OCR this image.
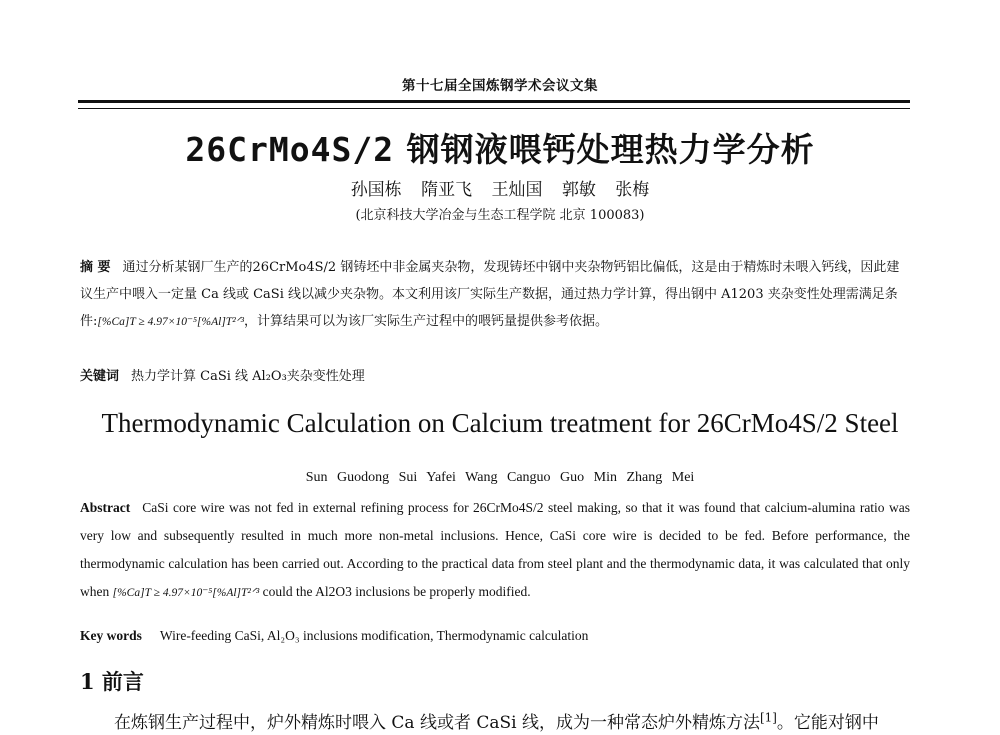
第十七届全国炼钢学术会议文集
26CrMo4S/2 钢钢液喂钙处理热力学分析
孙国栋 隋亚飞 王灿国 郭敏 张梅
(北京科技大学冶金与生态工程学院 北京 100083)
摘 要 通过分析某钢厂生产的26CrMo4S/2 钢铸坯中非金属夹杂物，发现铸坯中钢中夹杂物钙铝比偏低，这是由于精炼时未喂入钙线，因此建议生产中喂入一定量 Ca 线或 CaSi 线以减少夹杂物。本文利用该厂实际生产数据，通过热力学计算，得出钢中 A1203 夹杂变性处理需满足条件:[%Ca]T ≥ 4.97×10⁻⁵[%Al]T²ᐟ³，计算结果可以为该厂实际生产过程中的喂钙量提供参考依据。
关键词 热力学计算 CaSi 线 Al₂O₃夹杂变性处理
Thermodynamic Calculation on Calcium treatment for 26CrMo4S/2 Steel
Sun Guodong Sui Yafei Wang Canguo Guo Min Zhang Mei
Abstract CaSi core wire was not fed in external refining process for 26CrMo4S/2 steel making, so that it was found that calcium-alumina ratio was very low and subsequently resulted in much more non-metal inclusions. Hence, CaSi core wire is decided to be fed. Before performance, the thermodynamic calculation has been carried out. According to the practical data from steel plant and the thermodynamic data, it was calculated that only when [%Ca]T ≥ 4.97×10⁻⁵[%Al]T²ᐟ³ could the Al2O3 inclusions be properly modified.
Key words Wire-feeding CaSi, Al₂O₃ inclusions modification, Thermodynamic calculation
1 前言
在炼钢生产过程中，炉外精炼时喂入 Ca 线或者 CaSi 线，成为一种常态炉外精炼方法[1]。它能对钢中
